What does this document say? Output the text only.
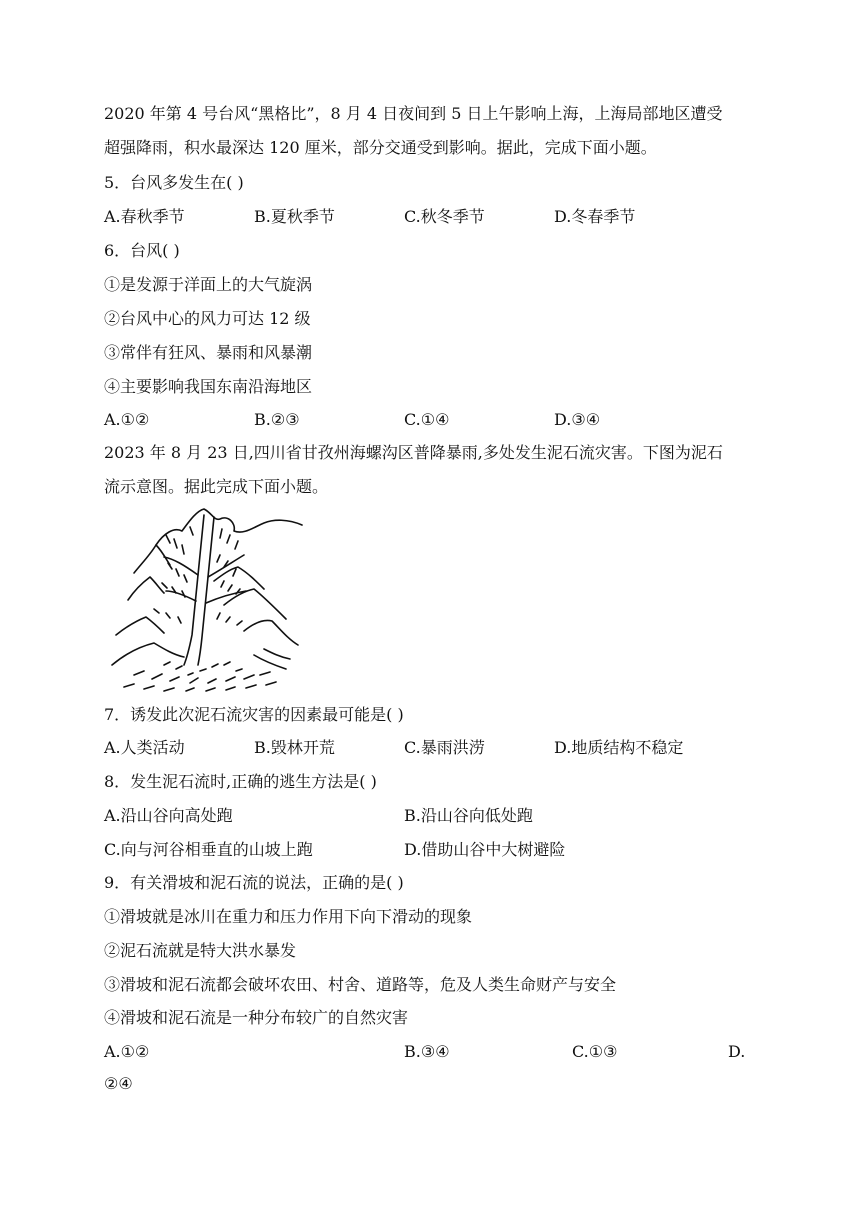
2020 年第 4 号台风“黑格比”，8 月 4 日夜间到 5 日上午影响上海，上海局部地区遭受
超强降雨，积水最深达 120 厘米，部分交通受到影响。据此，完成下面小题。
5．台风多发生在( )
A.春秋季节	B.夏秋季节	C.秋冬季节	D.冬春季节
6．台风( )
①是发源于洋面上的大气旋涡
②台风中心的风力可达 12 级
③常伴有狂风、暴雨和风暴潮
④主要影响我国东南沿海地区
A.①②	B.②③	C.①④	D.③④
2023 年 8 月 23 日,四川省甘孜州海螺沟区普降暴雨,多处发生泥石流灾害。下图为泥石
流示意图。据此完成下面小题。
7．诱发此次泥石流灾害的因素最可能是( )
A.人类活动	B.毁林开荒	C.暴雨洪涝	D.地质结构不稳定
8．发生泥石流时,正确的逃生方法是( )
A.沿山谷向高处跑	B.沿山谷向低处跑
C.向与河谷相垂直的山坡上跑	D.借助山谷中大树避险
9．有关滑坡和泥石流的说法，正确的是( )
①滑坡就是冰川在重力和压力作用下向下滑动的现象
②泥石流就是特大洪水暴发
③滑坡和泥石流都会破坏农田、村舍、道路等，危及人类生命财产与安全
④滑坡和泥石流是一种分布较广的自然灾害
A.①②	B.③④	C.①③	D.
②④
